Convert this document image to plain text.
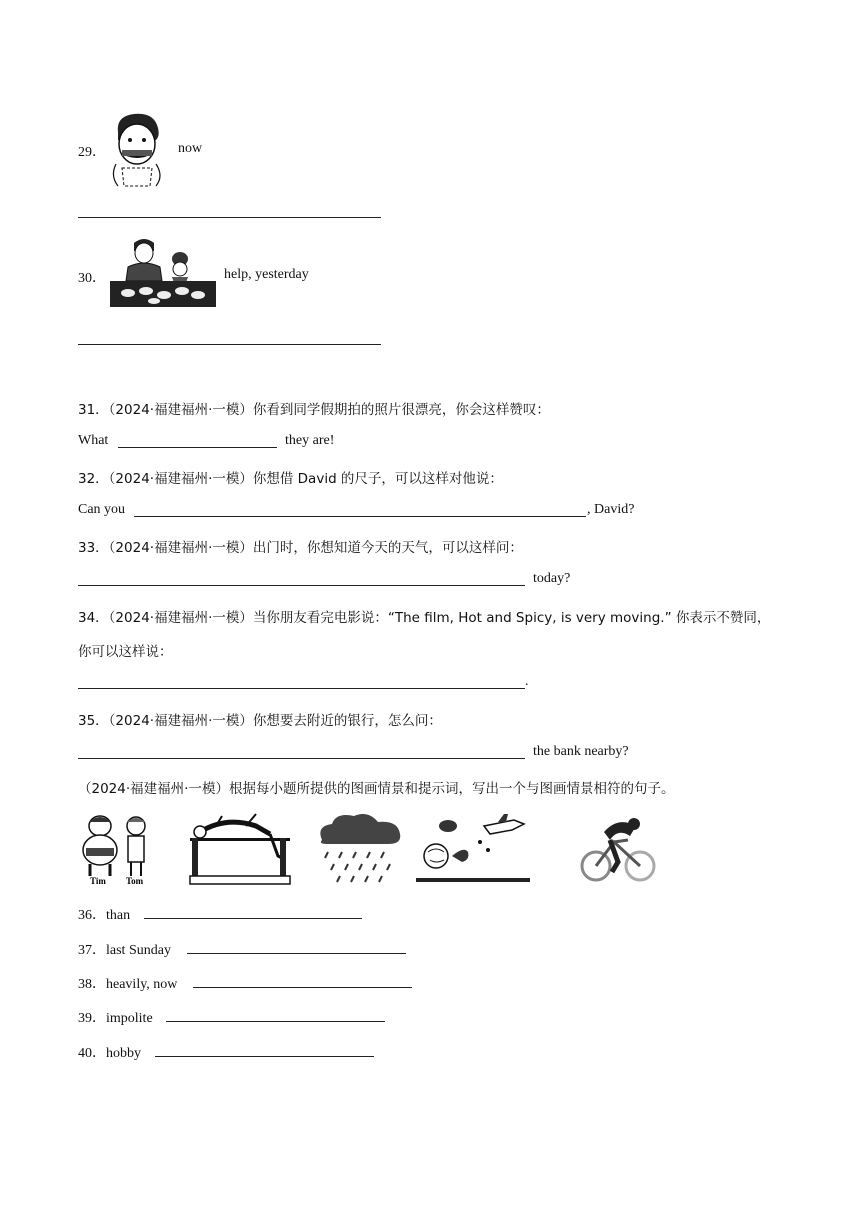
29．	now
30．	help, yesterday
31．（2024·福建福州·一模）你看到同学假期拍的照片很漂亮，你会这样赞叹：
What	they are!
32．（2024·福建福州·一模）你想借 David 的尺子，可以这样对他说：
Can you	, David?
33．（2024·福建福州·一模）出门时，你想知道今天的天气，可以这样问：
today?
34．（2024·福建福州·一模）当你朋友看完电影说：“The film, Hot and Spicy, is very moving.” 你表示不赞同，
你可以这样说：
.
35．（2024·福建福州·一模）你想要去附近的银行，怎么问：
the bank nearby?
（2024·福建福州·一模）根据每小题所提供的图画情景和提示词，写出一个与图画情景相符的句子。
Tim Tom
36．than
37．last Sunday
38．heavily, now
39．impolite
40．hobby
